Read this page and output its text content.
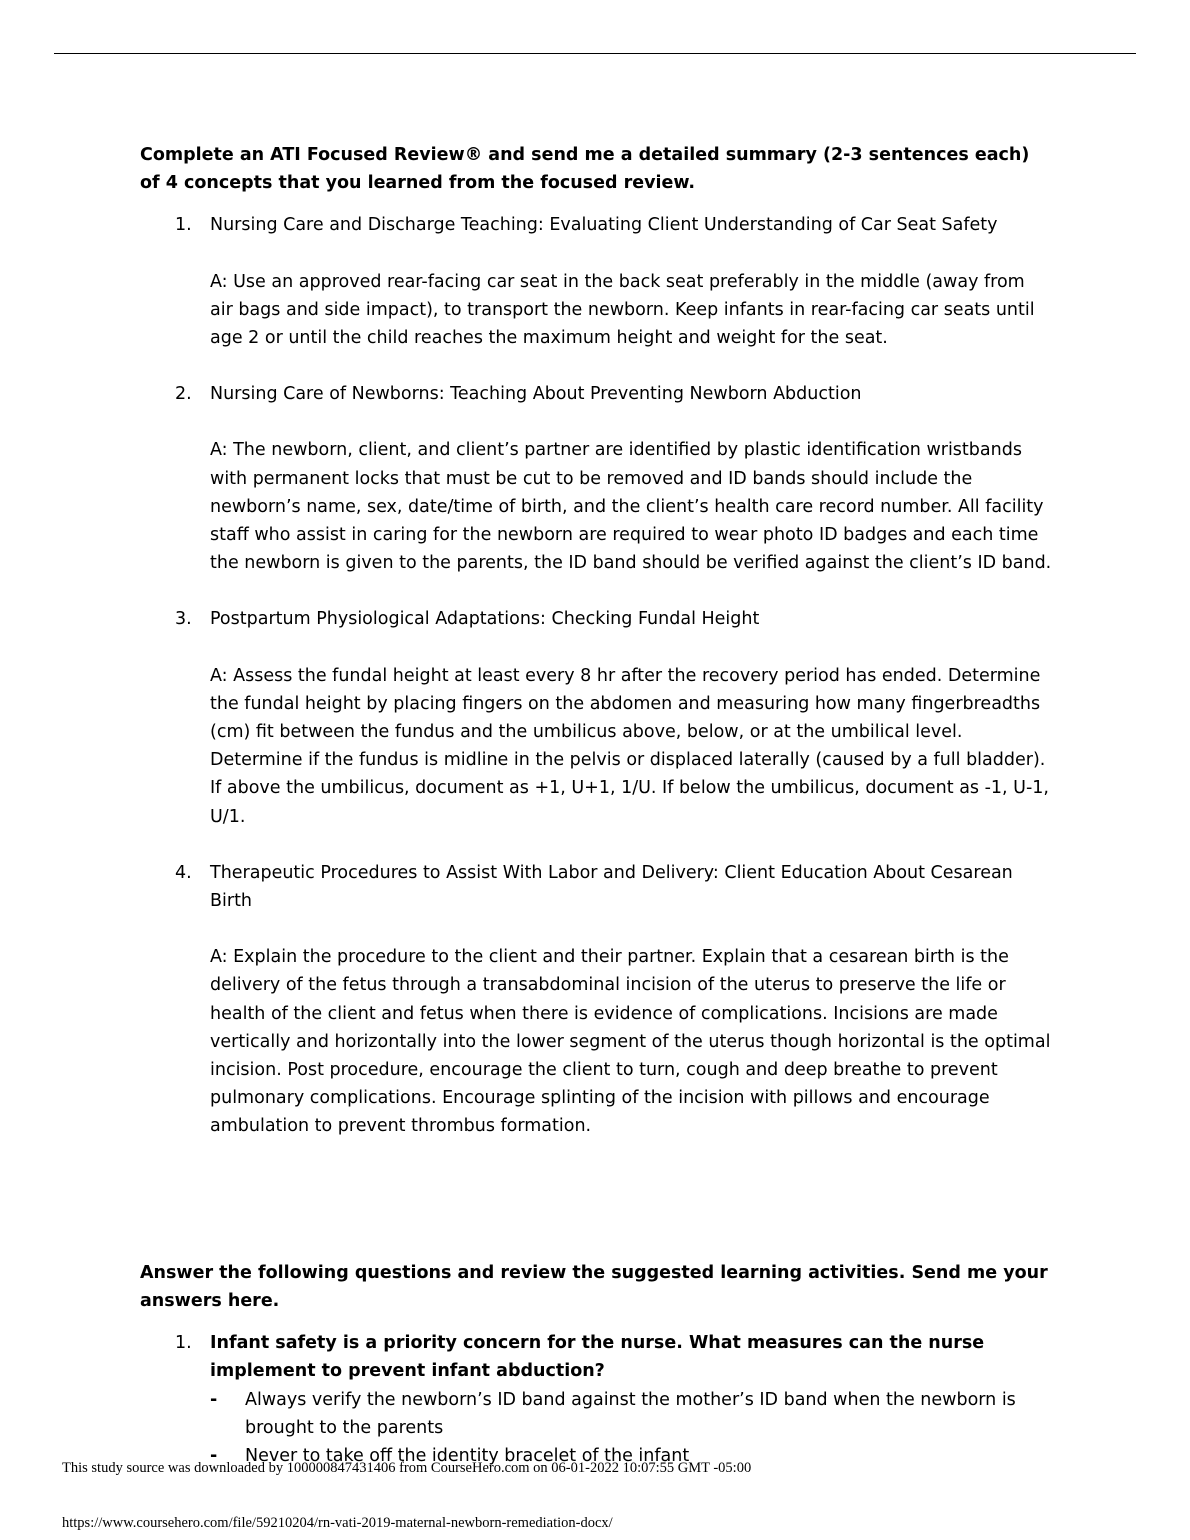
Complete an ATI Focused Review® and send me a detailed summary (2-3 sentences each) of 4 concepts that you learned from the focused review.

1. Nursing Care and Discharge Teaching: Evaluating Client Understanding of Car Seat Safety

A: Use an approved rear-facing car seat in the back seat preferably in the middle (away from air bags and side impact), to transport the newborn. Keep infants in rear-facing car seats until age 2 or until the child reaches the maximum height and weight for the seat.

2. Nursing Care of Newborns: Teaching About Preventing Newborn Abduction

A: The newborn, client, and client’s partner are identified by plastic identification wristbands with permanent locks that must be cut to be removed and ID bands should include the newborn’s name, sex, date/time of birth, and the client’s health care record number. All facility staff who assist in caring for the newborn are required to wear photo ID badges and each time the newborn is given to the parents, the ID band should be verified against the client’s ID band.

3. Postpartum Physiological Adaptations: Checking Fundal Height

A: Assess the fundal height at least every 8 hr after the recovery period has ended. Determine the fundal height by placing fingers on the abdomen and measuring how many fingerbreadths (cm) fit between the fundus and the umbilicus above, below, or at the umbilical level. Determine if the fundus is midline in the pelvis or displaced laterally (caused by a full bladder). If above the umbilicus, document as +1, U+1, 1/U. If below the umbilicus, document as -1, U-1, U/1.

4. Therapeutic Procedures to Assist With Labor and Delivery: Client Education About Cesarean Birth

A: Explain the procedure to the client and their partner. Explain that a cesarean birth is the delivery of the fetus through a transabdominal incision of the uterus to preserve the life or health of the client and fetus when there is evidence of complications. Incisions are made vertically and horizontally into the lower segment of the uterus though horizontal is the optimal incision. Post procedure, encourage the client to turn, cough and deep breathe to prevent pulmonary complications. Encourage splinting of the incision with pillows and encourage ambulation to prevent thrombus formation.

Answer the following questions and review the suggested learning activities. Send me your answers here.

1. Infant safety is a priority concern for the nurse. What measures can the nurse implement to prevent infant abduction?

- Always verify the newborn’s ID band against the mother’s ID band when the newborn is brought to the parents
- Never to take off the identity bracelet of the infant
This study source was downloaded by 100000847431406 from CourseHero.com on 06-01-2022 10:07:55 GMT -05:00
https://www.coursehero.com/file/59210204/rn-vati-2019-maternal-newborn-remediation-docx/
